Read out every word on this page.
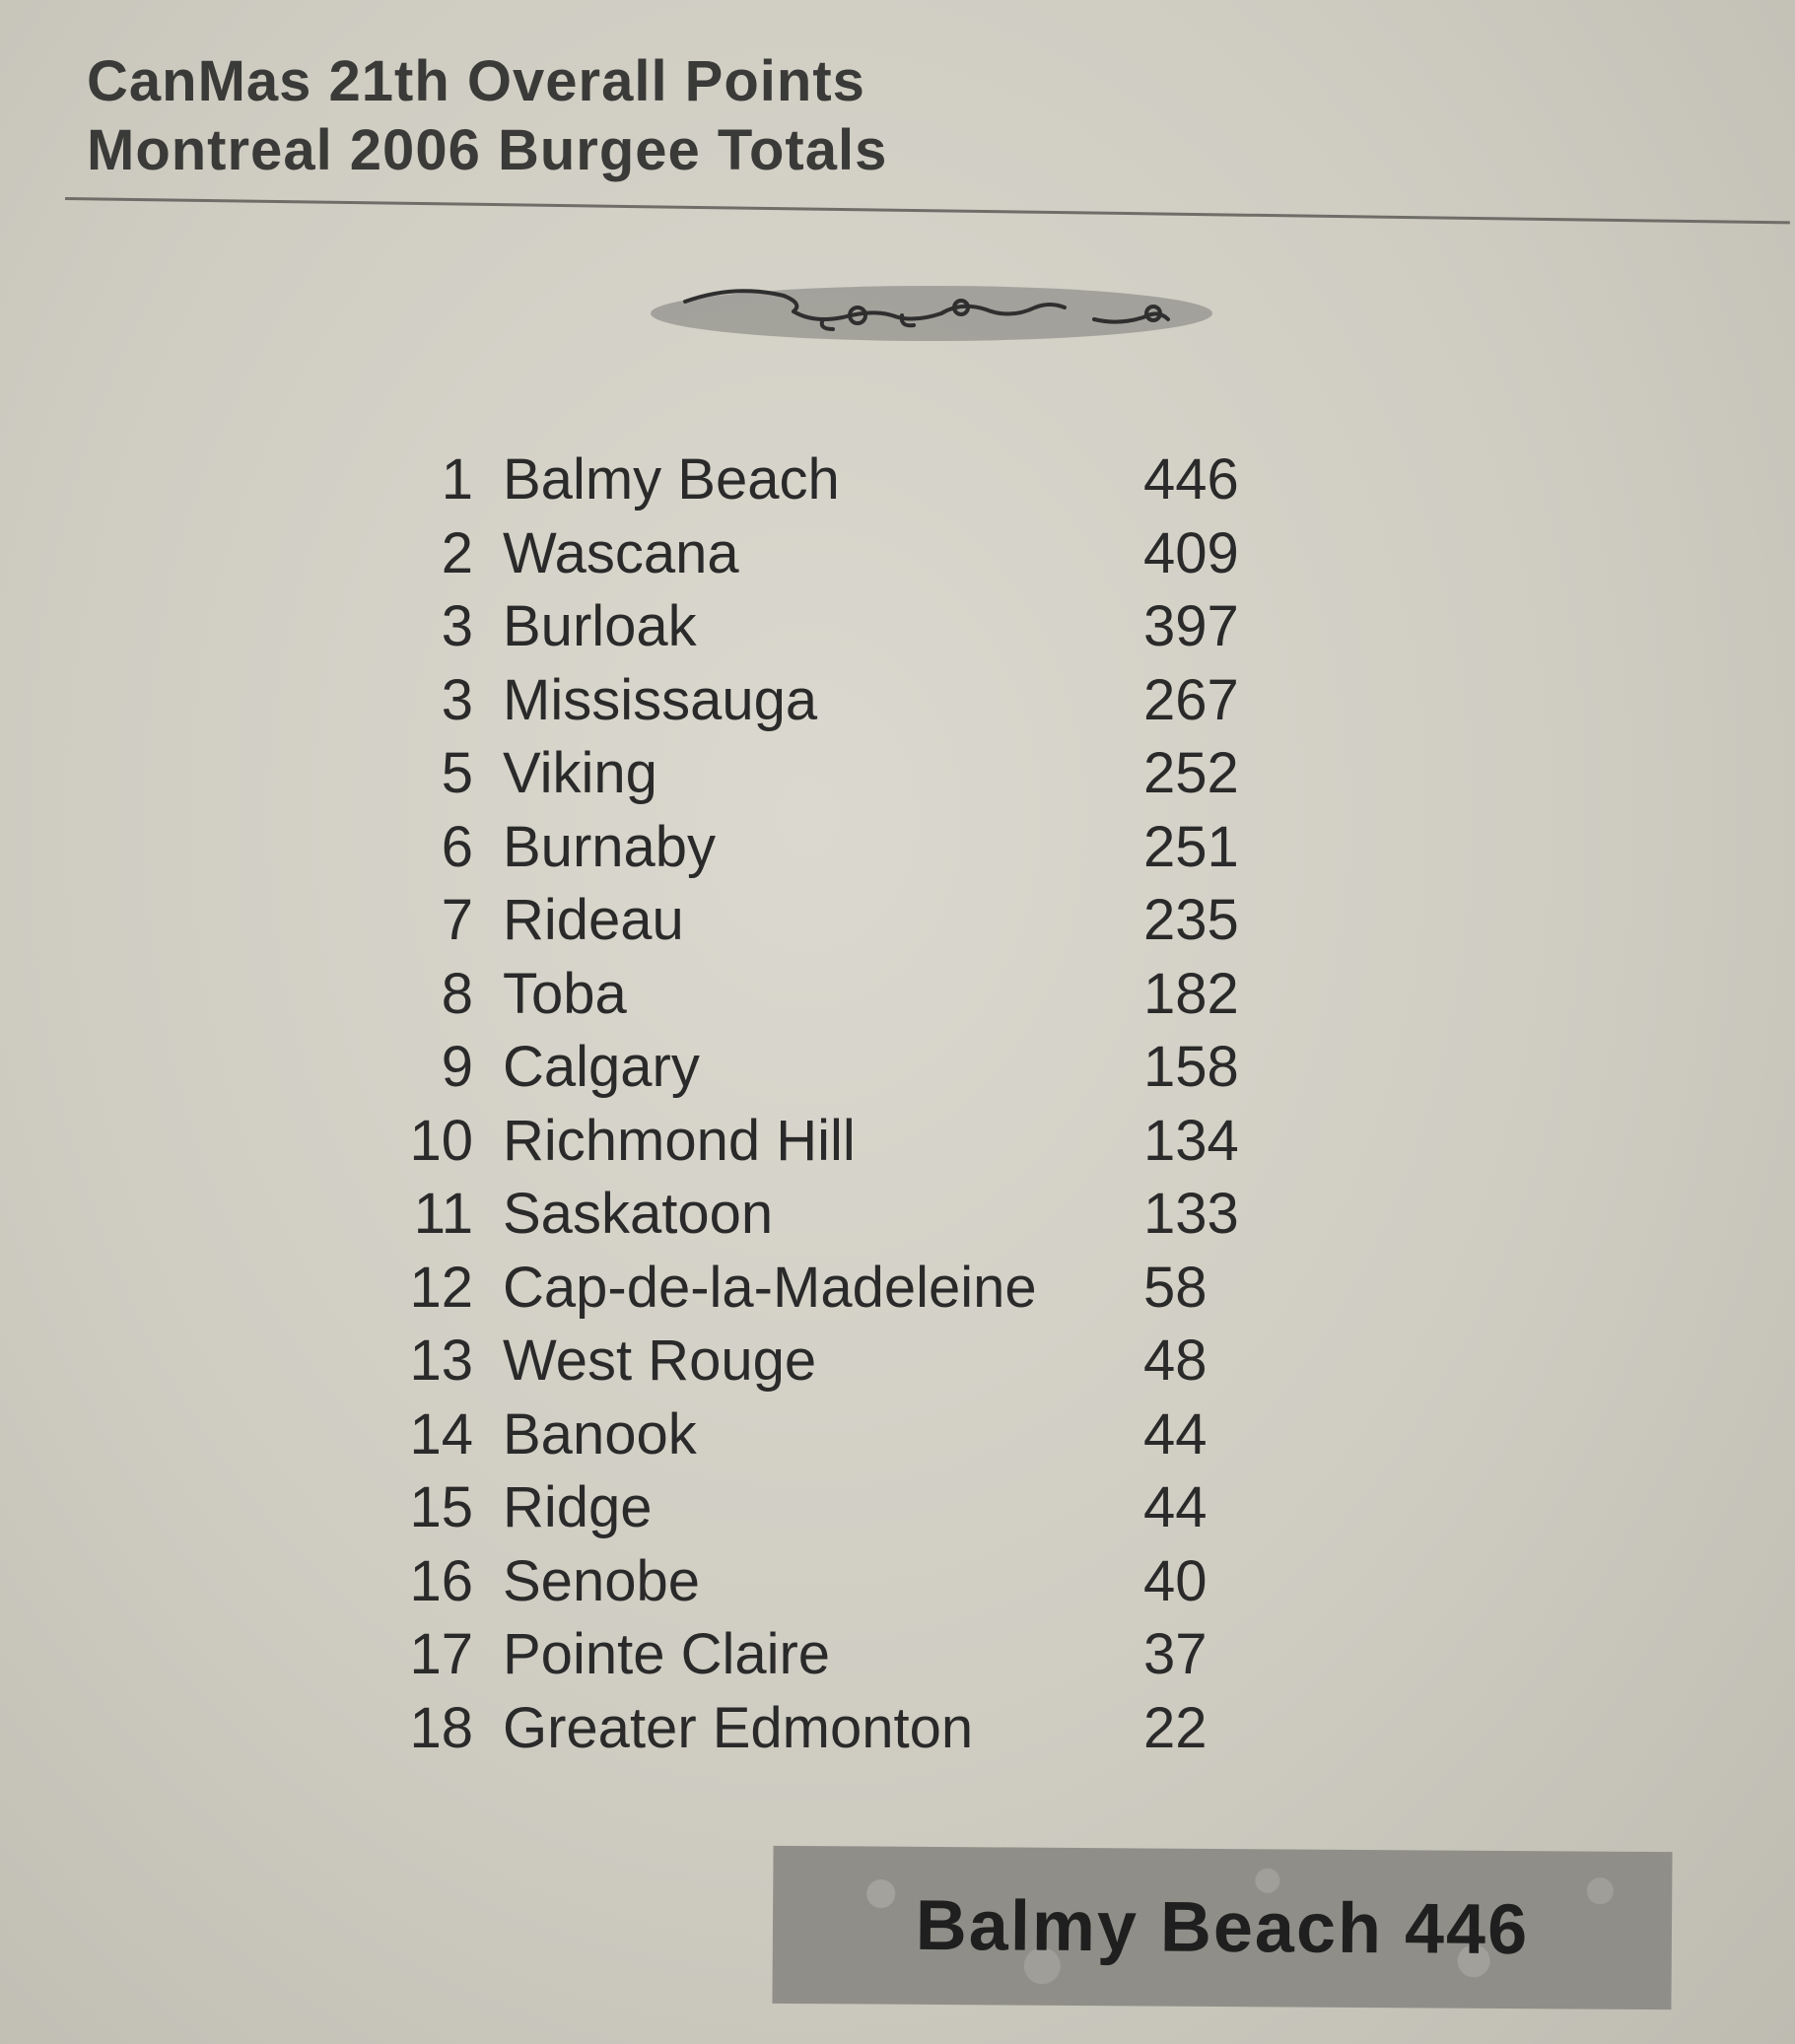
CanMas 21th Overall Points

Montreal 2006 Burgee Totals

1 Balmy Beach	446
2 Wascana	409
3 Burloak	397
3 Mississauga	267
5 Viking	252
6 Burnaby	251
7 Rideau	235
8 Toba	182
9 Calgary	158
10 Richmond Hill	134
11 Saskatoon	133
12 Cap-de-la-Madeleine 58
13 West Rouge	48
14 Banook	44
15 Ridge	44
16 Senobe	40
17 Pointe Claire	37
18 Greater Edmonton	22
Balmy Beach 446
